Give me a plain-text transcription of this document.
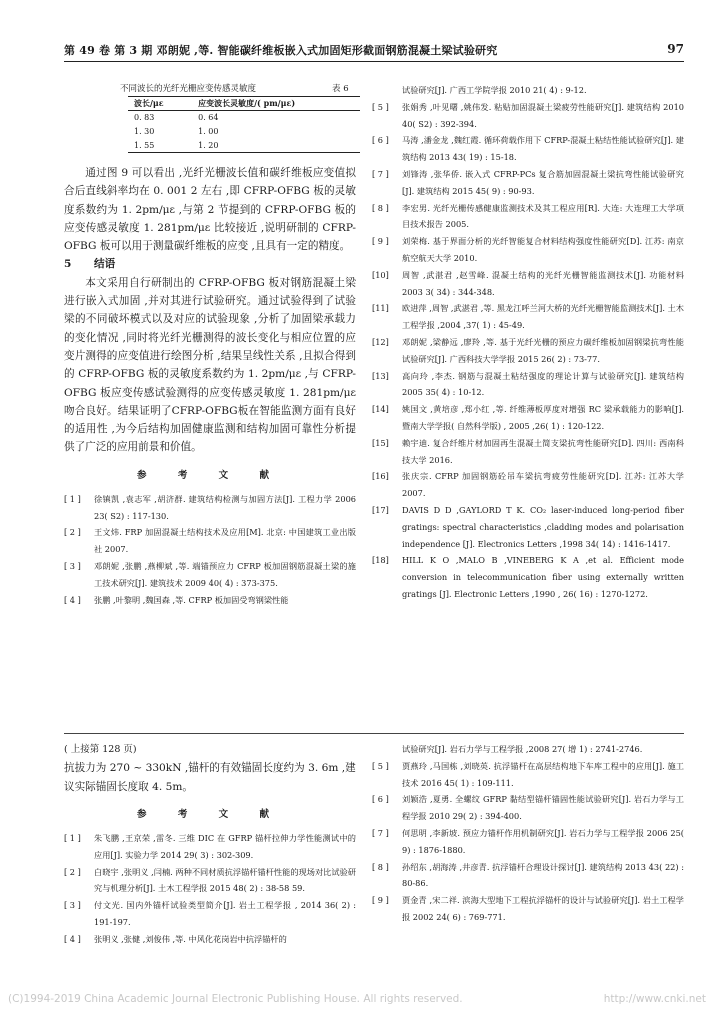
第 49 卷 第 3 期 邓朗妮 ,等. 智能碳纤维板嵌入式加固矩形截面钢筋混凝土梁试验研究	97
不同波长的光纤光栅应变传感灵敏度	表 6
波长/με	应变波长灵敏度/( pm/με)
0. 83	0. 64
1. 30	1. 00
1. 55	1. 20

通过图 9 可以看出 ,光纤光栅波长值和碳纤维板应变值拟合后直线斜率均在 0. 001 2 左右 ,即 CFRP-OFBG 板的灵敏度系数约为 1. 2pm/με ,与第 2 节提到的 CFRP-OFBG 板的应变传感灵敏度 1. 281pm/με 比较接近 ,说明研制的 CFRP-OFBG 板可以用于测量碳纤维板的应变 ,且具有一定的精度。

5 结语

本文采用自行研制出的 CFRP-OFBG 板对钢筋混凝土梁进行嵌入式加固 ,并对其进行试验研究。通过试验得到了试验梁的不同破坏模式以及对应的试验现象 ,分析了加固梁承载力的变化情况 ,同时将光纤光栅测得的波长变化与相应位置的应变片测得的应变值进行绘图分析 ,结果呈线性关系 ,且拟合得到的 CFRP-OFBG 板的灵敏度系数约为 1. 2pm/με ,与 CFRP-OFBG 板应变传感试验测得的应变传感灵敏度 1. 281pm/με 吻合良好。结果证明了CFRP-OFBG板在智能监测方面有良好的适用性 ,为今后结构加固健康监测和结构加固可靠性分析提供了广泛的应用前景和价值。

参 考 文 献
[ 1 ]	徐镇凯 ,袁志军 ,胡济群. 建筑结构检测与加固方法[J]. 工程力学 2006 23( S2) : 117-130.
[ 2 ]	王文炜. FRP 加固混凝土结构技术及应用[M]. 北京: 中国建筑工业出版社 2007.
[ 3 ]	邓朗妮 ,张鹏 ,燕柳斌 ,等. 端锚预应力 CFRP 板加固钢筋混凝土梁的施工技术研究[J]. 建筑技术 2009 40( 4) : 373-375.
[ 4 ]	张鹏 ,叶黎明 ,魏国森 ,等. CFRP 板加固受弯钢梁性能
试验研究[J]. 广西工学院学报 2010 21( 4) : 9-12.
[ 5 ]	张娟秀 ,叶见曙 ,姚伟发. 粘贴加固混凝土梁疲劳性能研究[J]. 建筑结构 2010 40( S2) : 392-394.
[ 6 ]	马涛 ,潘金龙 ,魏红霞. 循环荷载作用下 CFRP-混凝土粘结性能试验研究[J]. 建筑结构 2013 43( 19) : 15-18.
[ 7 ]	刘锋涛 ,张华侨. 嵌入式 CFRP-PCs 复合筋加固混凝土梁抗弯性能试验研究[J]. 建筑结构 2015 45( 9) : 90-93.
[ 8 ]	李宏男. 光纤光栅传感健康监测技术及其工程应用[R]. 大连: 大连理工大学项目技术报告 2005.
[ 9 ]	刘荣梅. 基于界面分析的光纤智能复合材料结构强度性能研究[D]. 江苏: 南京航空航天大学 2010.
[10]	周智 ,武湛君 ,赵雪峰. 混凝土结构的光纤光栅智能监测技术[J]. 功能材料 2003 3( 34) : 344-348.
[11]	欧进萍 ,周智 ,武湛君 ,等. 黑龙江呼兰河大桥的光纤光栅智能监测技术[J]. 土木工程学报 ,2004 ,37( 1) : 45-49.
[12]	邓朗妮 ,梁静远 ,廖羚 ,等. 基于光纤光栅的预应力碳纤维板加固钢梁抗弯性能试验研究[J]. 广西科技大学学报 2015 26( 2) : 73-77.
[13]	高向玲 ,李杰. 钢筋与混凝土粘结强度的理论计算与试验研究[J]. 建筑结构 2005 35( 4) : 10-12.
[14]	姚国文 ,黄培彦 ,郑小红 ,等. 纤维薄板厚度对增强 RC 梁承载能力的影响[J]. 暨南大学学报( 自然科学版) , 2005 ,26( 1) : 120-122.
[15]	赖宇迪. 复合纤维片材加固再生混凝土简支梁抗弯性能研究[D]. 四川: 西南科技大学 2016.
[16]	张庆宗. CFRP 加固钢筋砼吊车梁抗弯疲劳性能研究[D]. 江苏: 江苏大学 2007.
[17]	DAVIS D D ,GAYLORD T K. CO₂ laser-induced long-period fiber gratings: spectral characteristics ,cladding modes and polarisation independence [J]. Electronics Letters ,1998 34( 14) : 1416-1417.
[18]	HILL K O ,MALO B ,VINEBERG K A ,et al. Efficient mode conversion in telecommunication fiber using externally written gratings [J]. Electronic Letters ,1990 , 26( 16) : 1270-1272.
( 上接第 128 页)
抗拔力为 270 ~ 330kN ,锚杆的有效锚固长度约为 3. 6m ,建议实际锚固长度取 4. 5m。
参 考 文 献
[ 1 ]	朱飞鹏 ,王京荣 ,雷冬. 三维 DIC 在 GFRP 锚杆拉伸力学性能测试中的应用[J]. 实验力学 2014 29( 3) : 302-309.
[ 2 ]	白晓宇 ,张明义 ,闫楠. 两种不同材质抗浮锚杆锚杆性能的现场对比试验研究与机理分析[J]. 土木工程学报 2015 48( 2) : 38-58 59.
[ 3 ]	付文光. 国内外锚杆试验类型简介[J]. 岩土工程学报 , 2014 36( 2) : 191-197.
[ 4 ]	张明义 ,张健 ,刘俊伟 ,等. 中风化花岗岩中抗浮锚杆的
试验研究[J]. 岩石力学与工程学报 ,2008 27( 增 1) : 2741-2746.
[ 5 ]	贾燕玲 ,马国栋 ,刘晓英. 抗浮锚杆在高层结构地下车库工程中的应用[J]. 施工技术 2016 45( 1) : 109-111.
[ 6 ]	刘颖浩 ,夏勇. 全螺纹 GFRP 黏结型锚杆锚固性能试验研究[J]. 岩石力学与工程学报 2010 29( 2) : 394-400.
[ 7 ]	何思明 ,李新坡. 预应力锚杆作用机制研究[J]. 岩石力学与工程学报 2006 25( 9) : 1876-1880.
[ 8 ]	孙绍东 ,胡海涛 ,井彦青. 抗浮锚杆合理设计探讨[J]. 建筑结构 2013 43( 22) : 80-86.
[ 9 ]	贾金青 ,宋二祥. 滨海大型地下工程抗浮锚杆的设计与试验研究[J]. 岩土工程学报 2002 24( 6) : 769-771.
(C)1994-2019 China Academic Journal Electronic Publishing House. All rights reserved.	http://www.cnki.net
